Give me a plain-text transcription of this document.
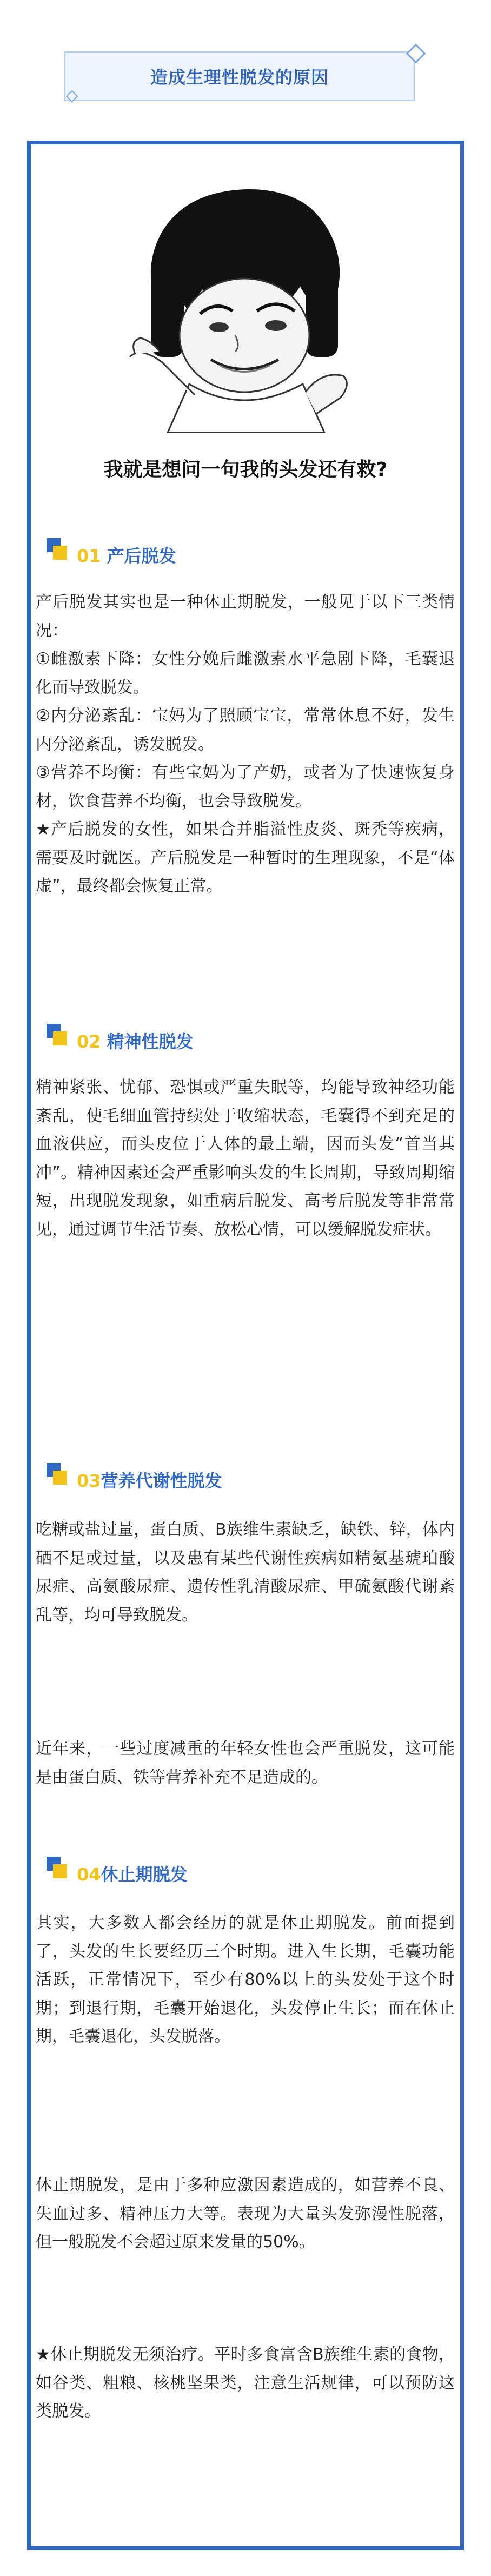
造成生理性脱发的原因
我就是想问一句我的头发还有救?
01 产后脱发
产后脱发其实也是一种休止期脱发，一般见于以下三类情况：
①雌激素下降：女性分娩后雌激素水平急剧下降，毛囊退化而导致脱发。
②内分泌紊乱：宝妈为了照顾宝宝，常常休息不好，发生内分泌紊乱，诱发脱发。
③营养不均衡：有些宝妈为了产奶，或者为了快速恢复身材，饮食营养不均衡，也会导致脱发。
★产后脱发的女性，如果合并脂溢性皮炎、斑秃等疾病，需要及时就医。产后脱发是一种暂时的生理现象，不是“体虚”，最终都会恢复正常。
02 精神性脱发
精神紧张、忧郁、恐惧或严重失眠等，均能导致神经功能紊乱，使毛细血管持续处于收缩状态，毛囊得不到充足的血液供应，而头皮位于人体的最上端，因而头发“首当其冲”。精神因素还会严重影响头发的生长周期，导致周期缩短，出现脱发现象，如重病后脱发、高考后脱发等非常常见，通过调节生活节奏、放松心情，可以缓解脱发症状。
03营养代谢性脱发
吃糖或盐过量，蛋白质、B族维生素缺乏，缺铁、锌，体内硒不足或过量，以及患有某些代谢性疾病如精氨基琥珀酸尿症、高氨酸尿症、遗传性乳清酸尿症、甲硫氨酸代谢紊乱等，均可导致脱发。
近年来，一些过度减重的年轻女性也会严重脱发，这可能是由蛋白质、铁等营养补充不足造成的。
04休止期脱发
其实，大多数人都会经历的就是休止期脱发。前面提到了，头发的生长要经历三个时期。进入生长期，毛囊功能活跃，正常情况下，至少有80%以上的头发处于这个时期；到退行期，毛囊开始退化，头发停止生长；而在休止期，毛囊退化，头发脱落。
休止期脱发，是由于多种应激因素造成的，如营养不良、失血过多、精神压力大等。表现为大量头发弥漫性脱落，但一般脱发不会超过原来发量的50%。
★休止期脱发无须治疗。平时多食富含B族维生素的食物，如谷类、粗粮、核桃坚果类，注意生活规律，可以预防这类脱发。
